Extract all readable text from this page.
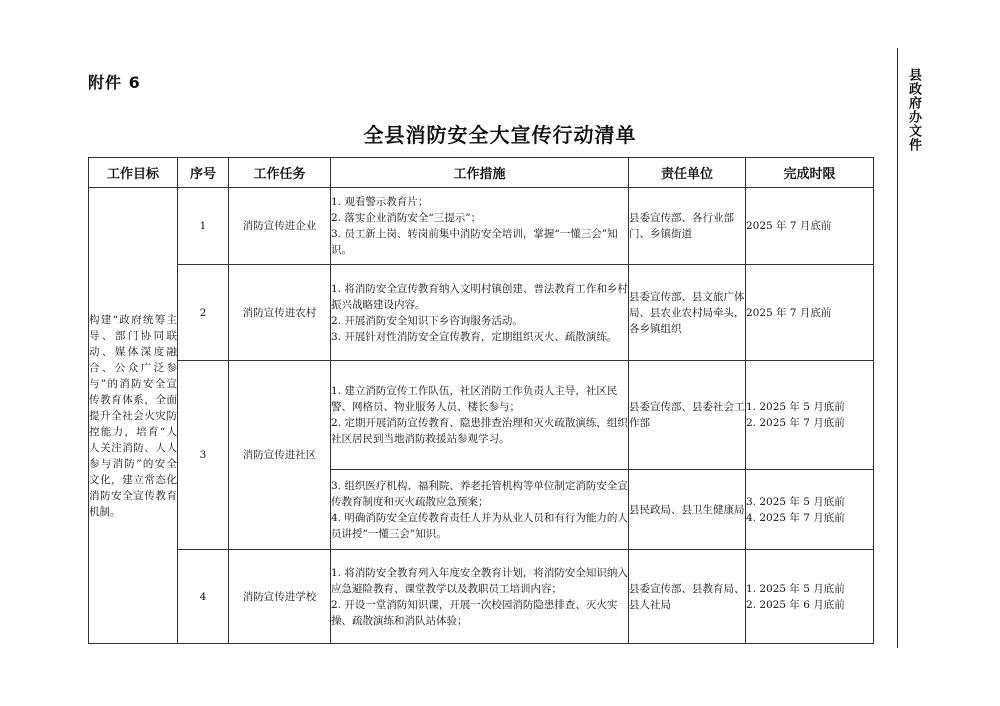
附件 6	县政府办文件
全县消防安全大宣传行动清单
工作目标	序号	工作任务	工作措施	责任单位	完成时限
构建“政府统筹主导、部门协同联动、媒体深度融合、公众广泛参与”的消防安全宣传教育体系，全面提升全社会火灾防控能力，培育“人人关注消防、人人参与消防”的安全文化，建立常态化消防安全宣传教育机制。	1	消防宣传进企业	1. 观看警示教育片；
2. 落实企业消防安全“三提示”；
3. 员工新上岗、转岗前集中消防安全培训，掌握“一懂三会”知识。	县委宣传部、各行业部门、乡镇街道	2025 年 7 月底前

	2	消防宣传进农村	1. 将消防安全宣传教育纳入文明村镇创建、普法教育工作和乡村振兴战略建设内容。
2. 开展消防安全知识下乡咨询服务活动。
3. 开展针对性消防安全宣传教育，定期组织灭火、疏散演练。	县委宣传部、县文旅广体局、县农业农村局牵头，各乡镇组织	2025 年 7 月底前

	3	消防宣传进社区	1. 建立消防宣传工作队伍，社区消防工作负责人主导，社区民警、网格员、物业服务人员、楼长参与；
2. 定期开展消防宣传教育、隐患排查治理和灭火疏散演练，组织社区居民到当地消防救援站参观学习。	县委宣传部、县委社会工作部	1. 2025 年 5 月底前
2. 2025 年 7 月底前

			3. 组织医疗机构、福利院、养老托管机构等单位制定消防安全宣传教育制度和灭火疏散应急预案；
4. 明确消防安全宣传教育责任人并为从业人员和有行为能力的人员讲授“一懂三会”知识。	县民政局、县卫生健康局	3. 2025 年 5 月底前
4. 2025 年 7 月底前

	4	消防宣传进学校	1. 将消防安全教育列入年度安全教育计划，将消防安全知识纳入应急避险教育、课堂教学以及教职员工培训内容；
2. 开设一堂消防知识课，开展一次校园消防隐患排查、灭火实操、疏散演练和消队站体验；	县委宣传部、县教育局、县人社局	1. 2025 年 5 月底前
2. 2025 年 6 月底前
